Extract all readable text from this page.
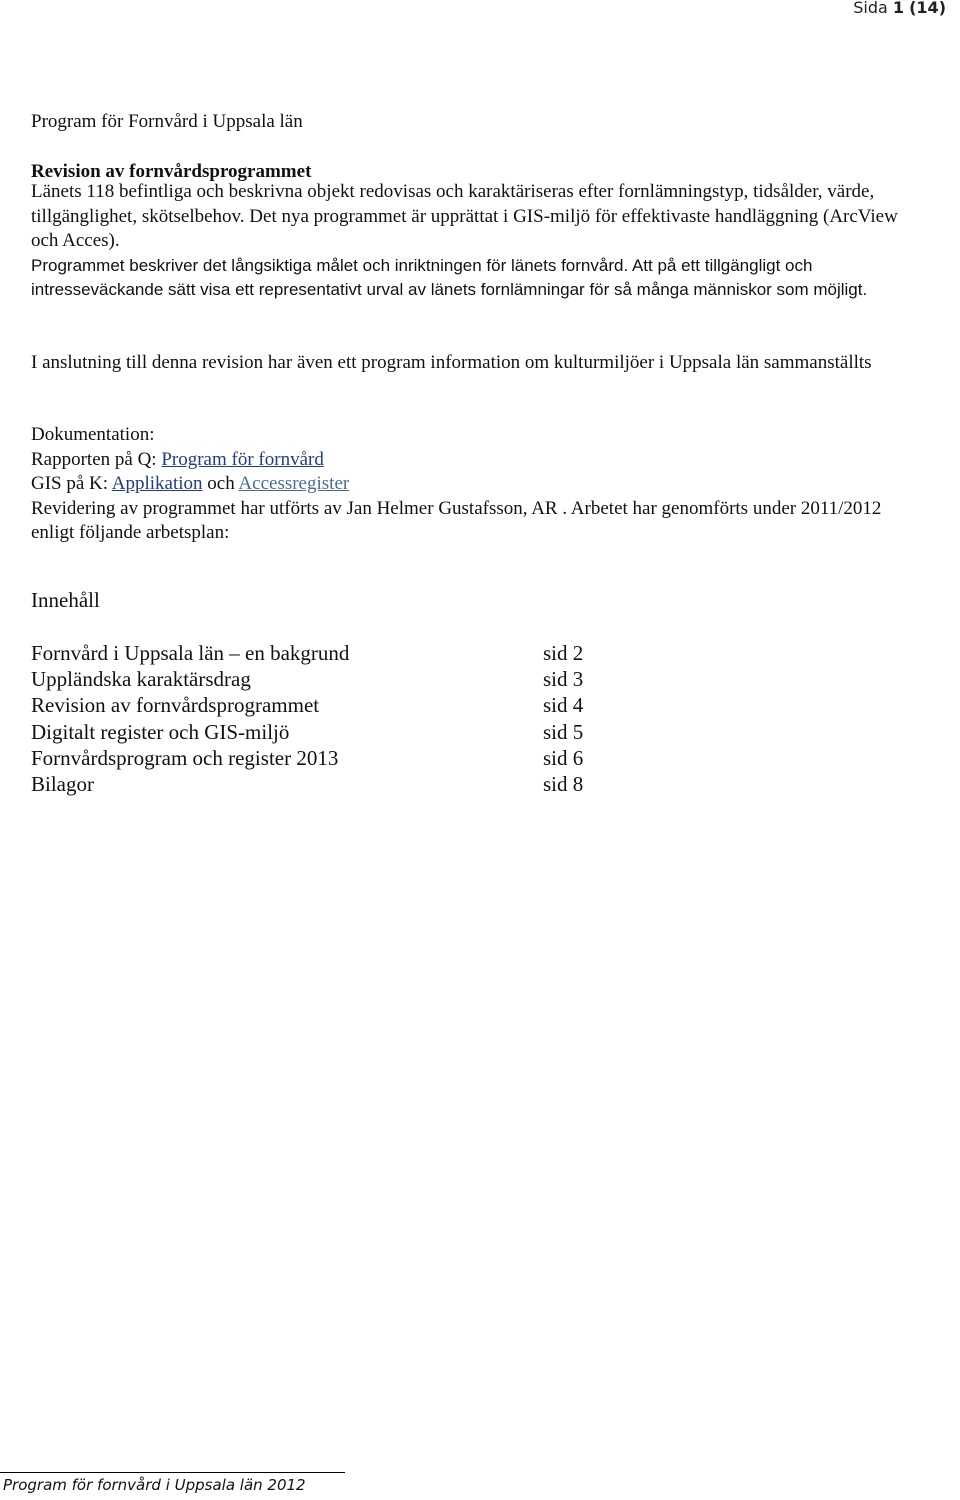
Sida 1 (14)
Program för Fornvård i Uppsala län
Revision av fornvårdsprogrammet
Länets 118 befintliga och beskrivna objekt redovisas och karaktäriseras efter fornlämningstyp, tidsålder, värde, tillgänglighet, skötselbehov. Det nya programmet är upprättat i GIS-miljö för effektivaste handläggning (ArcView och Acces).
Programmet beskriver det långsiktiga målet och inriktningen för länets fornvård. Att på ett tillgängligt och intresseväckande sätt visa ett representativt urval av länets fornlämningar för så många människor som möjligt.
I anslutning till denna revision har även ett program information om kulturmiljöer i Uppsala län sammanställts
Dokumentation:
Rapporten på Q: Program för fornvård
GIS på K: Applikation och Accessregister
Revidering av programmet har utförts av Jan Helmer Gustafsson, AR . Arbetet har genomförts under 2011/2012 enligt följande arbetsplan:
Innehåll
Fornvård i Uppsala län – en bakgrund	sid 2
Uppländska karaktärsdrag	sid 3
Revision av fornvårdsprogrammet	sid 4
Digitalt register och GIS-miljö	sid 5
Fornvårdsprogram och register 2013	sid 6
Bilagor	sid 8
Program för fornvård i Uppsala län 2012
